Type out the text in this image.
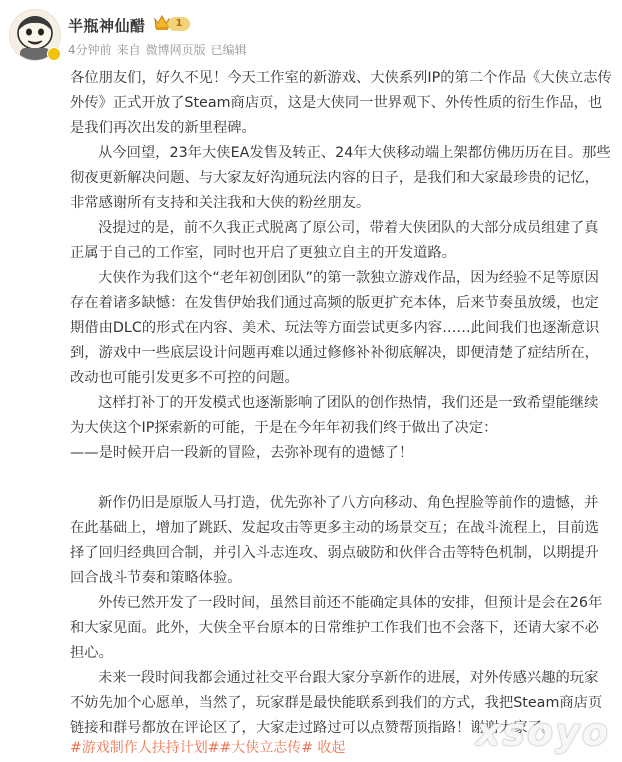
半瓶神仙醋	1
4分钟前 来自 微博网页版 已编辑

各位朋友们，好久不见！今天工作室的新游戏、大侠系列IP的第二个作品《大侠立志传外传》正式开放了Steam商店页，这是大侠同一世界观下、外传性质的衍生作品，也是我们再次出发的新里程碑。

从今回望，23年大侠EA发售及转正、24年大侠移动端上架都仿佛历历在目。那些彻夜更新解决问题、与大家友好沟通玩法内容的日子，是我们和大家最珍贵的记忆，非常感谢所有支持和关注我和大侠的粉丝朋友。

没提过的是，前不久我正式脱离了原公司，带着大侠团队的大部分成员组建了真正属于自己的工作室，同时也开启了更独立自主的开发道路。

大侠作为我们这个“老年初创团队”的第一款独立游戏作品，因为经验不足等原因存在着诸多缺憾：在发售伊始我们通过高频的版更扩充本体，后来节奏虽放缓，也定期借由DLC的形式在内容、美术、玩法等方面尝试更多内容……此间我们也逐渐意识到，游戏中一些底层设计问题再难以通过修修补补彻底解决，即便清楚了症结所在，改动也可能引发更多不可控的问题。

这样打补丁的开发模式也逐渐影响了团队的创作热情，我们还是一致希望能继续为大侠这个IP探索新的可能，于是在今年年初我们终于做出了决定：

——是时候开启一段新的冒险，去弥补现有的遗憾了！

新作仍旧是原版人马打造，优先弥补了八方向移动、角色捏脸等前作的遗憾，并在此基础上，增加了跳跃、发起攻击等更多主动的场景交互；在战斗流程上，目前选择了回归经典回合制，并引入斗志连攻、弱点破防和伙伴合击等特色机制，以期提升回合战斗节奏和策略体验。

外传已然开发了一段时间，虽然目前还不能确定具体的安排，但预计是会在26年和大家见面。此外，大侠全平台原本的日常维护工作我们也不会落下，还请大家不必担心。

未来一段时间我都会通过社交平台跟大家分享新作的进展，对外传感兴趣的玩家不妨先加个心愿单，当然了，玩家群是最快能联系到我们的方式，我把Steam商店页链接和群号都放在评论区了，大家走过路过可以点赞帮顶指路！谢谢大家了。

#游戏制作人扶持计划##大侠立志传# 收起	xsoyo
